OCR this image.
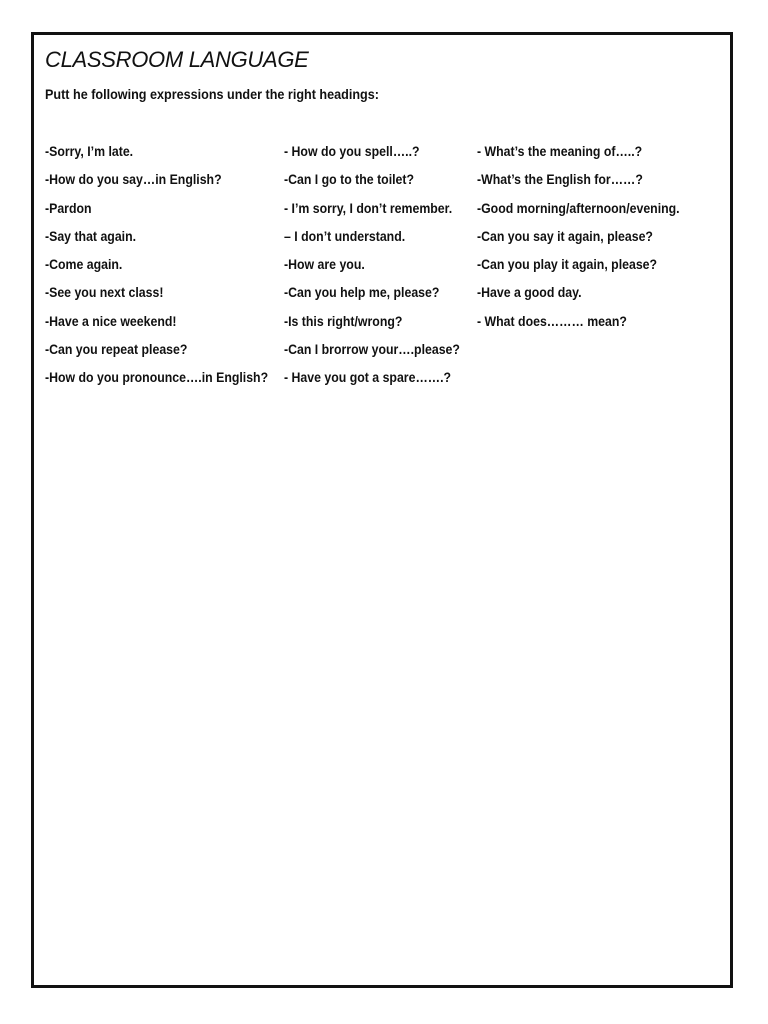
CLASSROOM LANGUAGE

Putt he following expressions under the right headings:

-Sorry, I’m late.
-How do you say…in English?
-Pardon
-Say that again.
-Come again.
-See you next class!
-Have a nice weekend!
-Can you repeat please?
-How do you pronounce….in English?
- How do you spell…..?
-Can I go to the toilet?
- I’m sorry, I don’t remember.
– I don’t understand.
-How are you.
-Can you help me, please?
-Is this right/wrong?
-Can I brorrow your….please?
- Have you got a spare…….?
- What’s the meaning of…..?
-What’s the English for……?
-Good morning/afternoon/evening.
-Can you say it again, please?
-Can you play it again, please?
-Have a good day.
- What does……… mean?
